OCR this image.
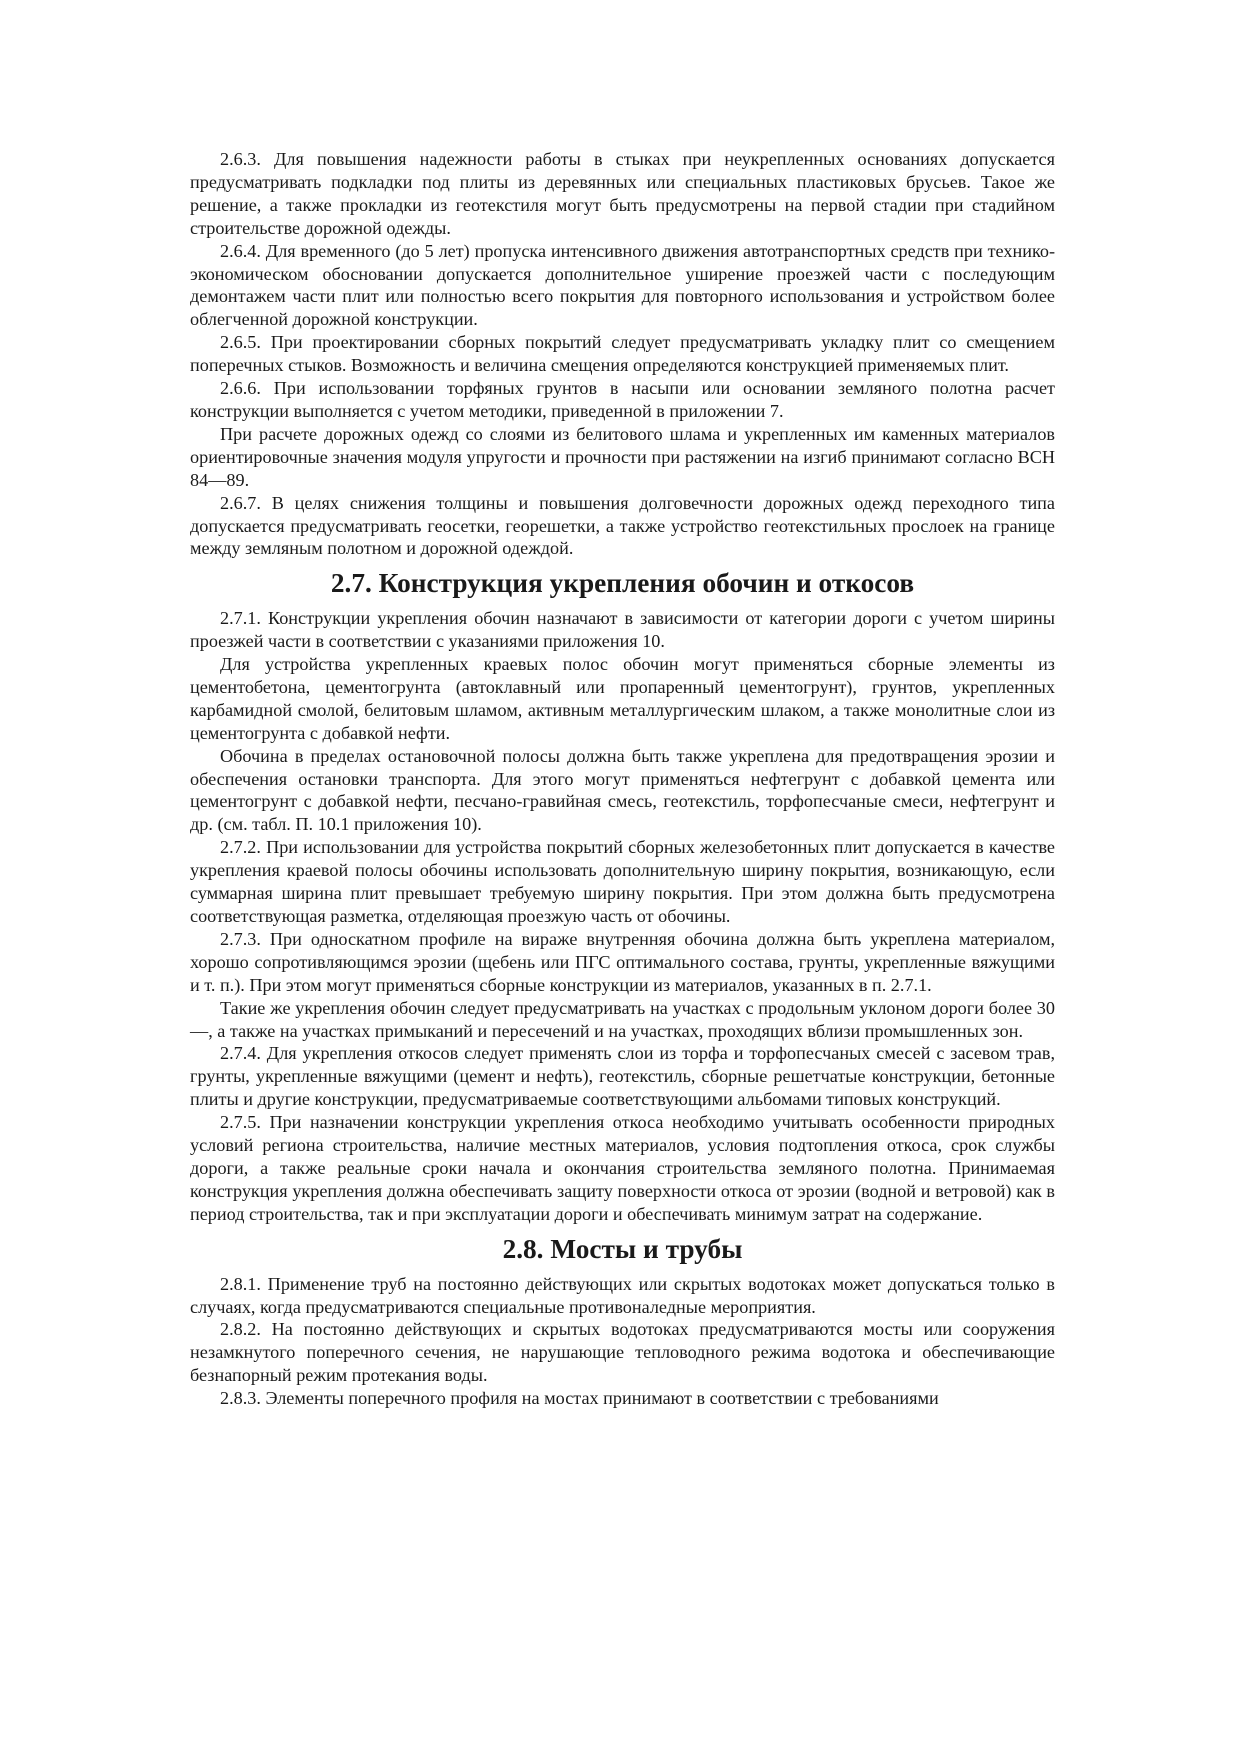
2.6.3. Для повышения надежности работы в стыках при неукрепленных основаниях допускается предусматривать подкладки под плиты из деревянных или специальных пластиковых брусьев. Такое же решение, а также прокладки из геотекстиля могут быть предусмотрены на первой стадии при стадийном строительстве дорожной одежды.

2.6.4. Для временного (до 5 лет) пропуска интенсивного движения автотранспортных средств при технико-экономическом обосновании допускается дополнительное уширение проезжей части с последующим демонтажем части плит или полностью всего покрытия для повторного использования и устройством более облегченной дорожной конструкции.

2.6.5. При проектировании сборных покрытий следует предусматривать укладку плит со смещением поперечных стыков. Возможность и величина смещения определяются конструкцией применяемых плит.

2.6.6. При использовании торфяных грунтов в насыпи или основании земляного полотна расчет конструкции выполняется с учетом методики, приведенной в приложении 7.

При расчете дорожных одежд со слоями из белитового шлама и укрепленных им каменных материалов ориентировочные значения модуля упругости и прочности при растяжении на изгиб принимают согласно ВСН 84—89.

2.6.7. В целях снижения толщины и повышения долговечности дорожных одежд переходного типа допускается предусматривать геосетки, георешетки, а также устройство геотекстильных прослоек на границе между земляным полотном и дорожной одеждой.

2.7. Конструкция укрепления обочин и откосов

2.7.1. Конструкции укрепления обочин назначают в зависимости от категории дороги с учетом ширины проезжей части в соответствии с указаниями приложения 10.

Для устройства укрепленных краевых полос обочин могут применяться сборные элементы из цементобетона, цементогрунта (автоклавный или пропаренный цементогрунт), грунтов, укрепленных карбамидной смолой, белитовым шламом, активным металлургическим шлаком, а также монолитные слои из цементогрунта с добавкой нефти.

Обочина в пределах остановочной полосы должна быть также укреплена для предотвращения эрозии и обеспечения остановки транспорта. Для этого могут применяться нефтегрунт с добавкой цемента или цементогрунт с добавкой нефти, песчано-гравийная смесь, геотекстиль, торфопесчаные смеси, нефтегрунт и др. (см. табл. П. 10.1 приложения 10).

2.7.2. При использовании для устройства покрытий сборных железобетонных плит допускается в качестве укрепления краевой полосы обочины использовать дополнительную ширину покрытия, возникающую, если суммарная ширина плит превышает требуемую ширину покрытия. При этом должна быть предусмотрена соответствующая разметка, отделяющая проезжую часть от обочины.

2.7.3. При односкатном профиле на вираже внутренняя обочина должна быть укреплена материалом, хорошо сопротивляющимся эрозии (щебень или ПГС оптимального состава, грунты, укрепленные вяжущими и т. п.). При этом могут применяться сборные конструкции из материалов, указанных в п. 2.7.1.

Такие же укрепления обочин следует предусматривать на участках с продольным уклоном дороги более 30 —, а также на участках примыканий и пересечений и на участках, проходящих вблизи промышленных зон.

2.7.4. Для укрепления откосов следует применять слои из торфа и торфопесчаных смесей с засевом трав, грунты, укрепленные вяжущими (цемент и нефть), геотекстиль, сборные решетчатые конструкции, бетонные плиты и другие конструкции, предусматриваемые соответствующими альбомами типовых конструкций.

2.7.5. При назначении конструкции укрепления откоса необходимо учитывать особенности природных условий региона строительства, наличие местных материалов, условия подтопления откоса, срок службы дороги, а также реальные сроки начала и окончания строительства земляного полотна. Принимаемая конструкция укрепления должна обеспечивать защиту поверхности откоса от эрозии (водной и ветровой) как в период строительства, так и при эксплуатации дороги и обеспечивать минимум затрат на содержание.

2.8. Мосты и трубы

2.8.1. Применение труб на постоянно действующих или скрытых водотоках может допускаться только в случаях, когда предусматриваются специальные противоналедные мероприятия.

2.8.2. На постоянно действующих и скрытых водотоках предусматриваются мосты или сооружения незамкнутого поперечного сечения, не нарушающие тепловодного режима водотока и обеспечивающие безнапорный режим протекания воды.

2.8.3. Элементы поперечного профиля на мостах принимают в соответствии с требованиями
